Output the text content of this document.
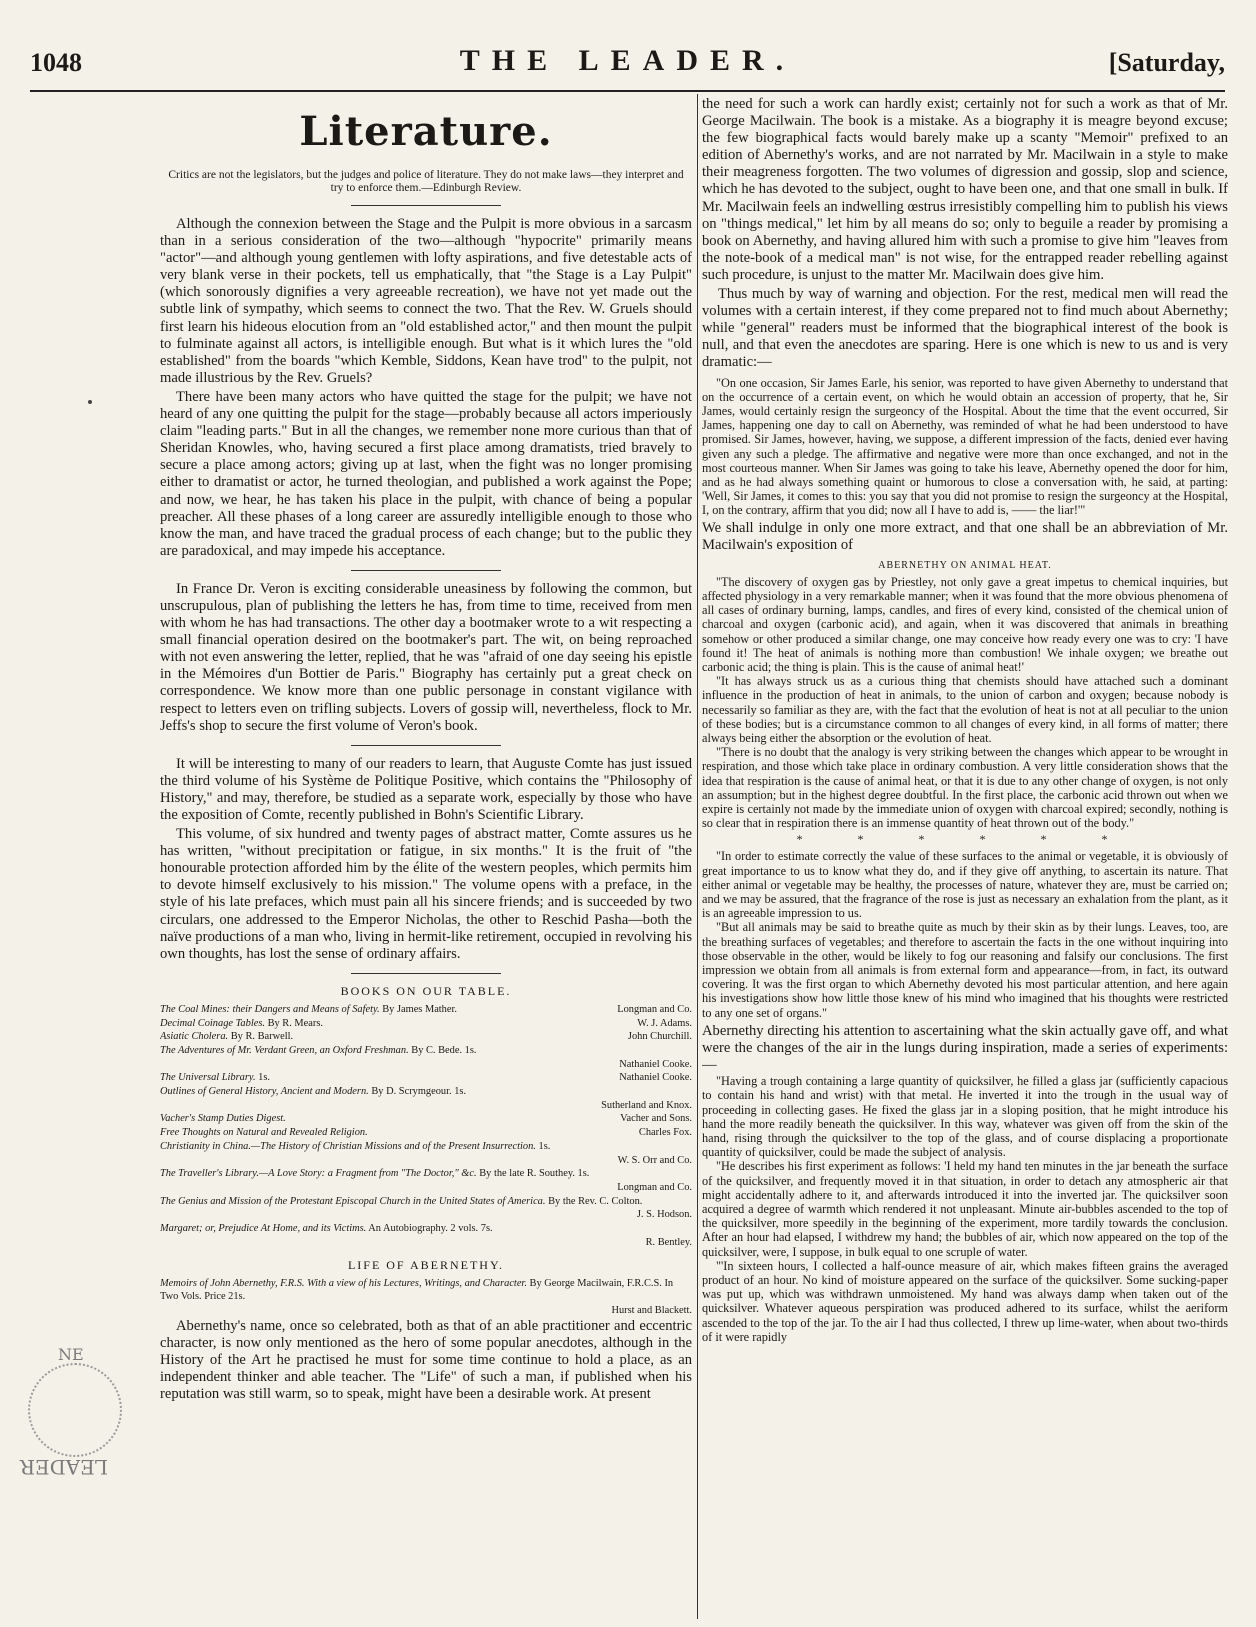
1048	THE LEADER.	[Saturday,
NE
LEADER
Literature.

Critics are not the legislators, but the judges and police of literature. They do not make laws—they interpret and try to enforce them.—Edinburgh Review.

Although the connexion between the Stage and the Pulpit is more obvious in a sarcasm than in a serious consideration of the two—although "hypocrite" primarily means "actor"—and although young gentlemen with lofty aspirations, and five detestable acts of very blank verse in their pockets, tell us emphatically, that "the Stage is a Lay Pulpit" (which sonorously dignifies a very agreeable recreation), we have not yet made out the subtle link of sympathy, which seems to connect the two. That the Rev. W. Gruels should first learn his hideous elocution from an "old established actor," and then mount the pulpit to fulminate against all actors, is intelligible enough. But what is it which lures the "old established" from the boards "which Kemble, Siddons, Kean have trod" to the pulpit, not made illustrious by the Rev. Gruels?

There have been many actors who have quitted the stage for the pulpit; we have not heard of any one quitting the pulpit for the stage—probably because all actors imperiously claim "leading parts." But in all the changes, we remember none more curious than that of Sheridan Knowles, who, having secured a first place among dramatists, tried bravely to secure a place among actors; giving up at last, when the fight was no longer promising either to dramatist or actor, he turned theologian, and published a work against the Pope; and now, we hear, he has taken his place in the pulpit, with chance of being a popular preacher. All these phases of a long career are assuredly intelligible enough to those who know the man, and have traced the gradual process of each change; but to the public they are paradoxical, and may impede his acceptance.

In France Dr. Veron is exciting considerable uneasiness by following the common, but unscrupulous, plan of publishing the letters he has, from time to time, received from men with whom he has had transactions. The other day a bootmaker wrote to a wit respecting a small financial operation desired on the bootmaker's part. The wit, on being reproached with not even answering the letter, replied, that he was "afraid of one day seeing his epistle in the Mémoires d'un Bottier de Paris." Biography has certainly put a great check on correspondence. We know more than one public personage in constant vigilance with respect to letters even on trifling subjects. Lovers of gossip will, nevertheless, flock to Mr. Jeffs's shop to secure the first volume of Veron's book.

It will be interesting to many of our readers to learn, that Auguste Comte has just issued the third volume of his Système de Politique Positive, which contains the "Philosophy of History," and may, therefore, be studied as a separate work, especially by those who have the exposition of Comte, recently published in Bohn's Scientific Library.

This volume, of six hundred and twenty pages of abstract matter, Comte assures us he has written, "without precipitation or fatigue, in six months." It is the fruit of "the honourable protection afforded him by the élite of the western peoples, which permits him to devote himself exclusively to his mission." The volume opens with a preface, in the style of his late prefaces, which must pain all his sincere friends; and is succeeded by two circulars, one addressed to the Emperor Nicholas, the other to Reschid Pasha—both the naïve productions of a man who, living in hermit-like retirement, occupied in revolving his own thoughts, has lost the sense of ordinary affairs.

BOOKS ON OUR TABLE.
The Coal Mines: their Dangers and Means of Safety. By James Mather.	Longman and Co.
Decimal Coinage Tables. By R. Mears.	W. J. Adams.
Asiatic Cholera. By R. Barwell.	John Churchill.
The Adventures of Mr. Verdant Green, an Oxford Freshman. By C. Bede. 1s.
Nathaniel Cooke.
The Universal Library. 1s.	Nathaniel Cooke.
Outlines of General History, Ancient and Modern. By D. Scrymgeour. 1s.
Sutherland and Knox.
Vacher's Stamp Duties Digest.	Vacher and Sons.
Free Thoughts on Natural and Revealed Religion.	Charles Fox.
Christianity in China.—The History of Christian Missions and of the Present Insurrection. 1s.
W. S. Orr and Co.
The Traveller's Library.—A Love Story: a Fragment from "The Doctor," &c. By the late R. Southey. 1s.
Longman and Co.
The Genius and Mission of the Protestant Episcopal Church in the United States of America. By the Rev. C. Colton.
J. S. Hodson.
Margaret; or, Prejudice At Home, and its Victims. An Autobiography. 2 vols. 7s.
R. Bentley.
LIFE OF ABERNETHY.
Memoirs of John Abernethy, F.R.S. With a view of his Lectures, Writings, and Character. By George Macilwain, F.R.C.S. In Two Vols. Price 21s.
Hurst and Blackett.

Abernethy's name, once so celebrated, both as that of an able practitioner and eccentric character, is now only mentioned as the hero of some popular anecdotes, although in the History of the Art he practised he must for some time continue to hold a place, as an independent thinker and able teacher. The "Life" of such a man, if published when his reputation was still warm, so to speak, might have been a desirable work. At present

the need for such a work can hardly exist; certainly not for such a work as that of Mr. George Macilwain. The book is a mistake. As a biography it is meagre beyond excuse; the few biographical facts would barely make up a scanty "Memoir" prefixed to an edition of Abernethy's works, and are not narrated by Mr. Macilwain in a style to make their meagreness forgotten. The two volumes of digression and gossip, slop and science, which he has devoted to the subject, ought to have been one, and that one small in bulk. If Mr. Macilwain feels an indwelling œstrus irresistibly compelling him to publish his views on "things medical," let him by all means do so; only to beguile a reader by promising a book on Abernethy, and having allured him with such a promise to give him "leaves from the note-book of a medical man" is not wise, for the entrapped reader rebelling against such procedure, is unjust to the matter Mr. Macilwain does give him.

Thus much by way of warning and objection. For the rest, medical men will read the volumes with a certain interest, if they come prepared not to find much about Abernethy; while "general" readers must be informed that the biographical interest of the book is null, and that even the anecdotes are sparing. Here is one which is new to us and is very dramatic:—

"On one occasion, Sir James Earle, his senior, was reported to have given Abernethy to understand that on the occurrence of a certain event, on which he would obtain an accession of property, that he, Sir James, would certainly resign the surgeoncy of the Hospital. About the time that the event occurred, Sir James, happening one day to call on Abernethy, was reminded of what he had been understood to have promised. Sir James, however, having, we suppose, a different impression of the facts, denied ever having given any such a pledge. The affirmative and negative were more than once exchanged, and not in the most courteous manner. When Sir James was going to take his leave, Abernethy opened the door for him, and as he had always something quaint or humorous to close a conversation with, he said, at parting: 'Well, Sir James, it comes to this: you say that you did not promise to resign the surgeoncy at the Hospital, I, on the contrary, affirm that you did; now all I have to add is, —— the liar!'"

We shall indulge in only one more extract, and that one shall be an abbreviation of Mr. Macilwain's exposition of

ABERNETHY ON ANIMAL HEAT.

"The discovery of oxygen gas by Priestley, not only gave a great impetus to chemical inquiries, but affected physiology in a very remarkable manner; when it was found that the more obvious phenomena of all cases of ordinary burning, lamps, candles, and fires of every kind, consisted of the chemical union of charcoal and oxygen (carbonic acid), and again, when it was discovered that animals in breathing somehow or other produced a similar change, one may conceive how ready every one was to cry: 'I have found it! The heat of animals is nothing more than combustion! We inhale oxygen; we breathe out carbonic acid; the thing is plain. This is the cause of animal heat!'

"It has always struck us as a curious thing that chemists should have attached such a dominant influence in the production of heat in animals, to the union of carbon and oxygen; because nobody is necessarily so familiar as they are, with the fact that the evolution of heat is not at all peculiar to the union of these bodies; but is a circumstance common to all changes of every kind, in all forms of matter; there always being either the absorption or the evolution of heat.

"There is no doubt that the analogy is very striking between the changes which appear to be wrought in respiration, and those which take place in ordinary combustion. A very little consideration shows that the idea that respiration is the cause of animal heat, or that it is due to any other change of oxygen, is not only an assumption; but in the highest degree doubtful. In the first place, the carbonic acid thrown out when we expire is certainly not made by the immediate union of oxygen with charcoal expired; secondly, nothing is so clear that in respiration there is an immense quantity of heat thrown out of the body."

* * * * * *

"In order to estimate correctly the value of these surfaces to the animal or vegetable, it is obviously of great importance to us to know what they do, and if they give off anything, to ascertain its nature. That either animal or vegetable may be healthy, the processes of nature, whatever they are, must be carried on; and we may be assured, that the fragrance of the rose is just as necessary an exhalation from the plant, as it is an agreeable impression to us.

"But all animals may be said to breathe quite as much by their skin as by their lungs. Leaves, too, are the breathing surfaces of vegetables; and therefore to ascertain the facts in the one without inquiring into those observable in the other, would be likely to fog our reasoning and falsify our conclusions. The first impression we obtain from all animals is from external form and appearance—from, in fact, its outward covering. It was the first organ to which Abernethy devoted his most particular attention, and here again his investigations show how little those knew of his mind who imagined that his thoughts were restricted to any one set of organs."

Abernethy directing his attention to ascertaining what the skin actually gave off, and what were the changes of the air in the lungs during inspiration, made a series of experiments:—

"Having a trough containing a large quantity of quicksilver, he filled a glass jar (sufficiently capacious to contain his hand and wrist) with that metal. He inverted it into the trough in the usual way of proceeding in collecting gases. He fixed the glass jar in a sloping position, that he might introduce his hand the more readily beneath the quicksilver. In this way, whatever was given off from the skin of the hand, rising through the quicksilver to the top of the glass, and of course displacing a proportionate quantity of quicksilver, could be made the subject of analysis.

"He describes his first experiment as follows: 'I held my hand ten minutes in the jar beneath the surface of the quicksilver, and frequently moved it in that situation, in order to detach any atmospheric air that might accidentally adhere to it, and afterwards introduced it into the inverted jar. The quicksilver soon acquired a degree of warmth which rendered it not unpleasant. Minute air-bubbles ascended to the top of the quicksilver, more speedily in the beginning of the experiment, more tardily towards the conclusion. After an hour had elapsed, I withdrew my hand; the bubbles of air, which now appeared on the top of the quicksilver, were, I suppose, in bulk equal to one scruple of water.

"'In sixteen hours, I collected a half-ounce measure of air, which makes fifteen grains the averaged product of an hour. No kind of moisture appeared on the surface of the quicksilver. Some sucking-paper was put up, which was withdrawn unmoistened. My hand was always damp when taken out of the quicksilver. Whatever aqueous perspiration was produced adhered to its surface, whilst the aeriform ascended to the top of the jar. To the air I had thus collected, I threw up lime-water, when about two-thirds of it were rapidly
